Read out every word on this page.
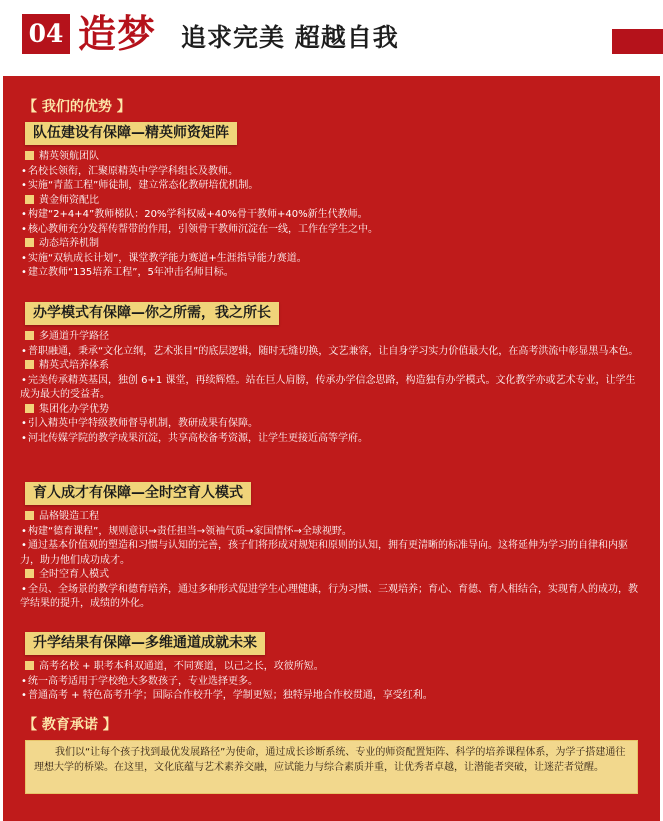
04 造梦 追求完美 超越自我
【 我们的优势 】
队伍建设有保障—精英师资矩阵
精英领航团队
•名校长领衔，汇聚原精英中学学科组长及教师。
•实施“青蓝工程”师徒制，建立常态化教研培优机制。
黄金师资配比
•构建“2+4+4”教师梯队：20%学科权威+40%骨干教师+40%新生代教师。
•核心教师充分发挥传帮带的作用，引领骨干教师沉淀在一线，工作在学生之中。
动态培养机制
•实施“双轨成长计划”，课堂教学能力赛道+生涯指导能力赛道。
•建立教师“135培养工程”，5年冲击名师目标。
办学模式有保障—你之所需，我之所长
多通道升学路径
•普职融通，秉承“文化立纲，艺术张目”的底层逻辑，随时无缝切换，文艺兼容，让自身学习实力价值最大化，在高考洪流中彰显黑马本色。
精英式培养体系
•完美传承精英基因，独创 6+1 课堂，再续辉煌。站在巨人肩膀，传承办学信念思路，构造独有办学模式。文化教学亦或艺术专业，让学生成为最大的受益者。
集团化办学优势
•引入精英中学特级教师督导机制，教研成果有保障。
•河北传媒学院的教学成果沉淀，共享高校备考资源，让学生更接近高等学府。
育人成才有保障—全时空育人模式
品格锻造工程
•构建“德育课程”，规则意识→责任担当→领袖气质→家国情怀→全球视野。
•通过基本价值观的塑造和习惯与认知的完善，孩子们将形成对规矩和原则的认知，拥有更清晰的标准导向。这将延伸为学习的自律和内驱力，助力他们成功成才。
全时空育人模式
•全员、全场景的教学和德育培养，通过多种形式促进学生心理健康，行为习惯、三观培养；育心、育德、育人相结合，实现育人的成功，教学结果的提升，成绩的外化。
升学结果有保障—多维通道成就未来
高考名校 + 职考本科双通道，不同赛道，以己之长，攻彼所短。
•统一高考适用于学校绝大多数孩子，专业选择更多。
•普通高考 + 特色高考升学；国际合作校升学，学制更短；独特异地合作校贯通，享受红利。
【 教育承诺 】
我们以“让每个孩子找到最优发展路径”为使命，通过成长诊断系统、专业的师资配置矩阵、科学的培养课程体系，为学子搭建通往理想大学的桥梁。在这里，文化底蕴与艺术素养交融，应试能力与综合素质并重，让优秀者卓越，让潜能者突破，让迷茫者觉醒。
